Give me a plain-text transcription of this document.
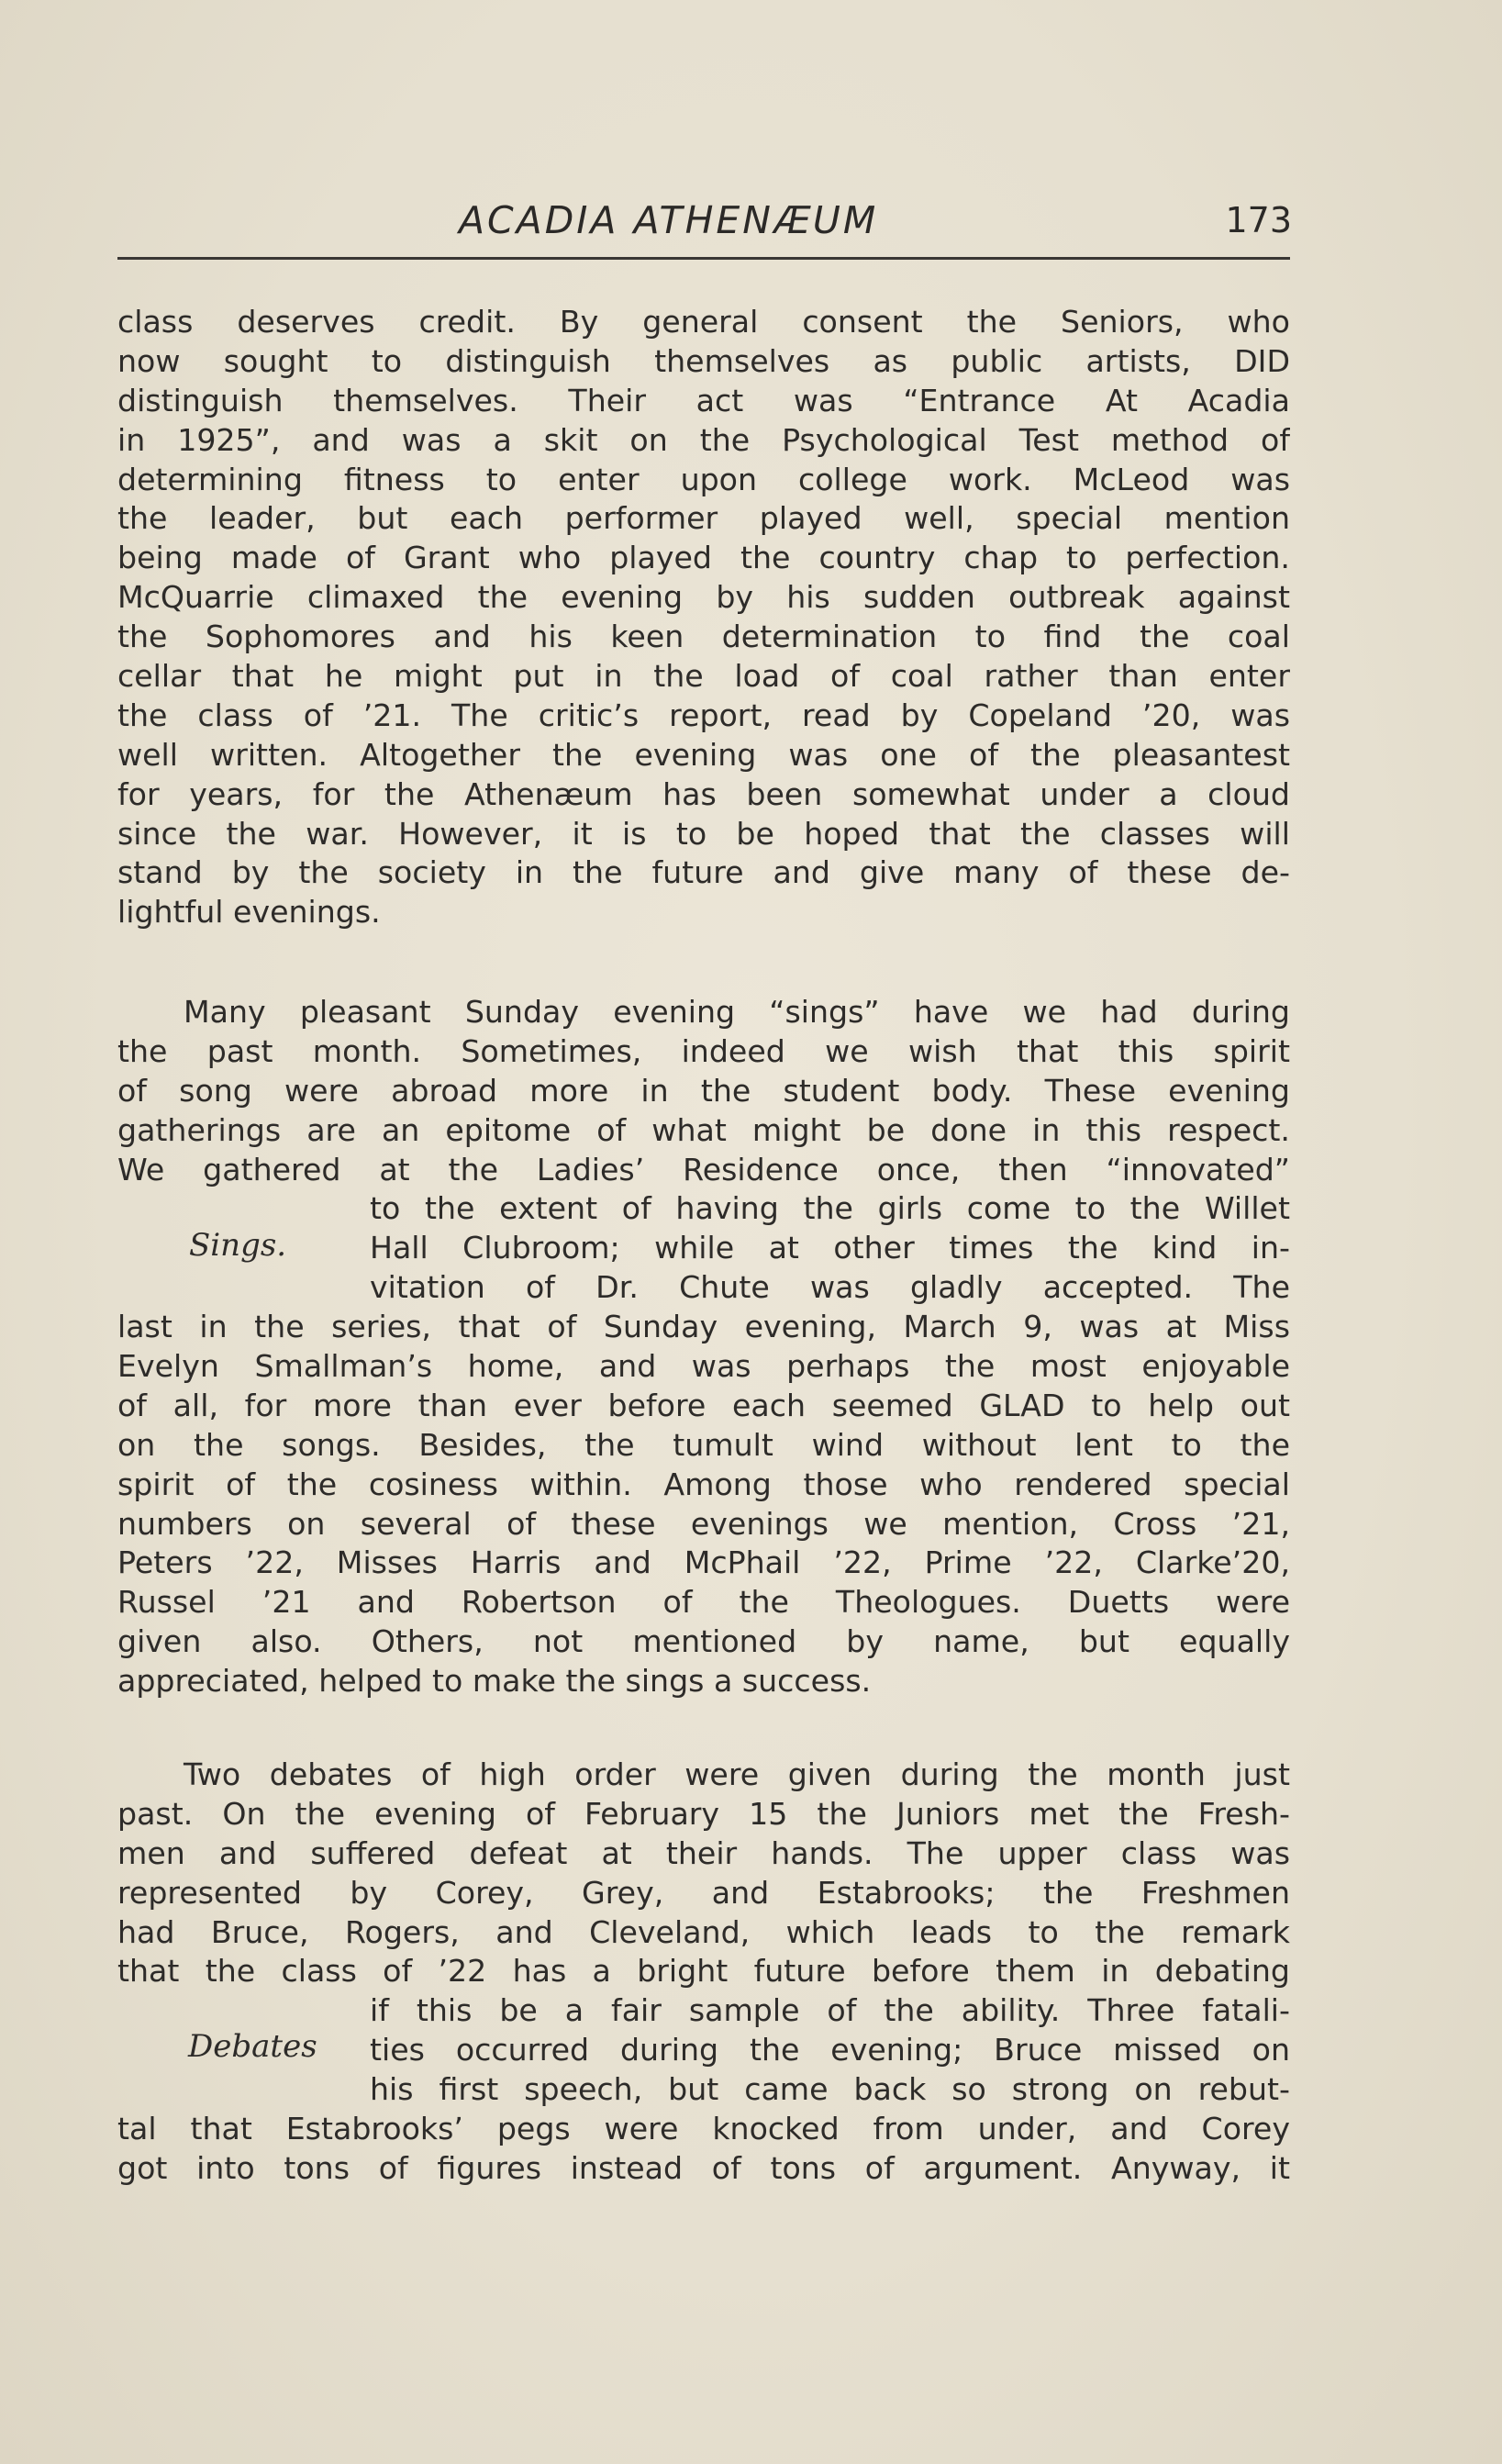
ACADIA ATHENÆUM	173
class deserves credit. By general consent the Seniors, who
now sought to distinguish themselves as public artists, DID
distinguish themselves. Their act was “Entrance At Acadia
in 1925”, and was a skit on the Psychological Test method of
determining fitness to enter upon college work. McLeod was
the leader, but each performer played well, special mention
being made of Grant who played the country chap to perfection.
McQuarrie climaxed the evening by his sudden outbreak against
the Sophomores and his keen determination to find the coal
cellar that he might put in the load of coal rather than enter
the class of ’21. The critic’s report, read by Copeland ’20, was
well written. Altogether the evening was one of the pleasantest
for years, for the Athenæum has been somewhat under a cloud
since the war. However, it is to be hoped that the classes will
stand by the society in the future and give many of these de-
lightful evenings.
Many pleasant Sunday evening “sings” have we had during
the past month. Sometimes, indeed we wish that this spirit
of song were abroad more in the student body. These evening
gatherings are an epitome of what might be done in this respect.
We gathered at the Ladies’ Residence once, then “innovated”
to the extent of having the girls come to the Willet
Hall Clubroom; while at other times the kind in-
vitation of Dr. Chute was gladly accepted. The
last in the series, that of Sunday evening, March 9, was at Miss
Evelyn Smallman’s home, and was perhaps the most enjoyable
of all, for more than ever before each seemed GLAD to help out
on the songs. Besides, the tumult wind without lent to the
spirit of the cosiness within. Among those who rendered special
numbers on several of these evenings we mention, Cross ’21,
Peters ’22, Misses Harris and McPhail ’22, Prime ’22, Clarke’20,
Russel ’21 and Robertson of the Theologues. Duetts were
given also. Others, not mentioned by name, but equally
appreciated, helped to make the sings a success.
Sings.
Two debates of high order were given during the month just
past. On the evening of February 15 the Juniors met the Fresh-
men and suffered defeat at their hands. The upper class was
represented by Corey, Grey, and Estabrooks; the Freshmen
had Bruce, Rogers, and Cleveland, which leads to the remark
that the class of ’22 has a bright future before them in debating
if this be a fair sample of the ability. Three fatali-
ties occurred during the evening; Bruce missed on
his first speech, but came back so strong on rebut-
tal that Estabrooks’ pegs were knocked from under, and Corey
got into tons of figures instead of tons of argument. Anyway, it
Debates
